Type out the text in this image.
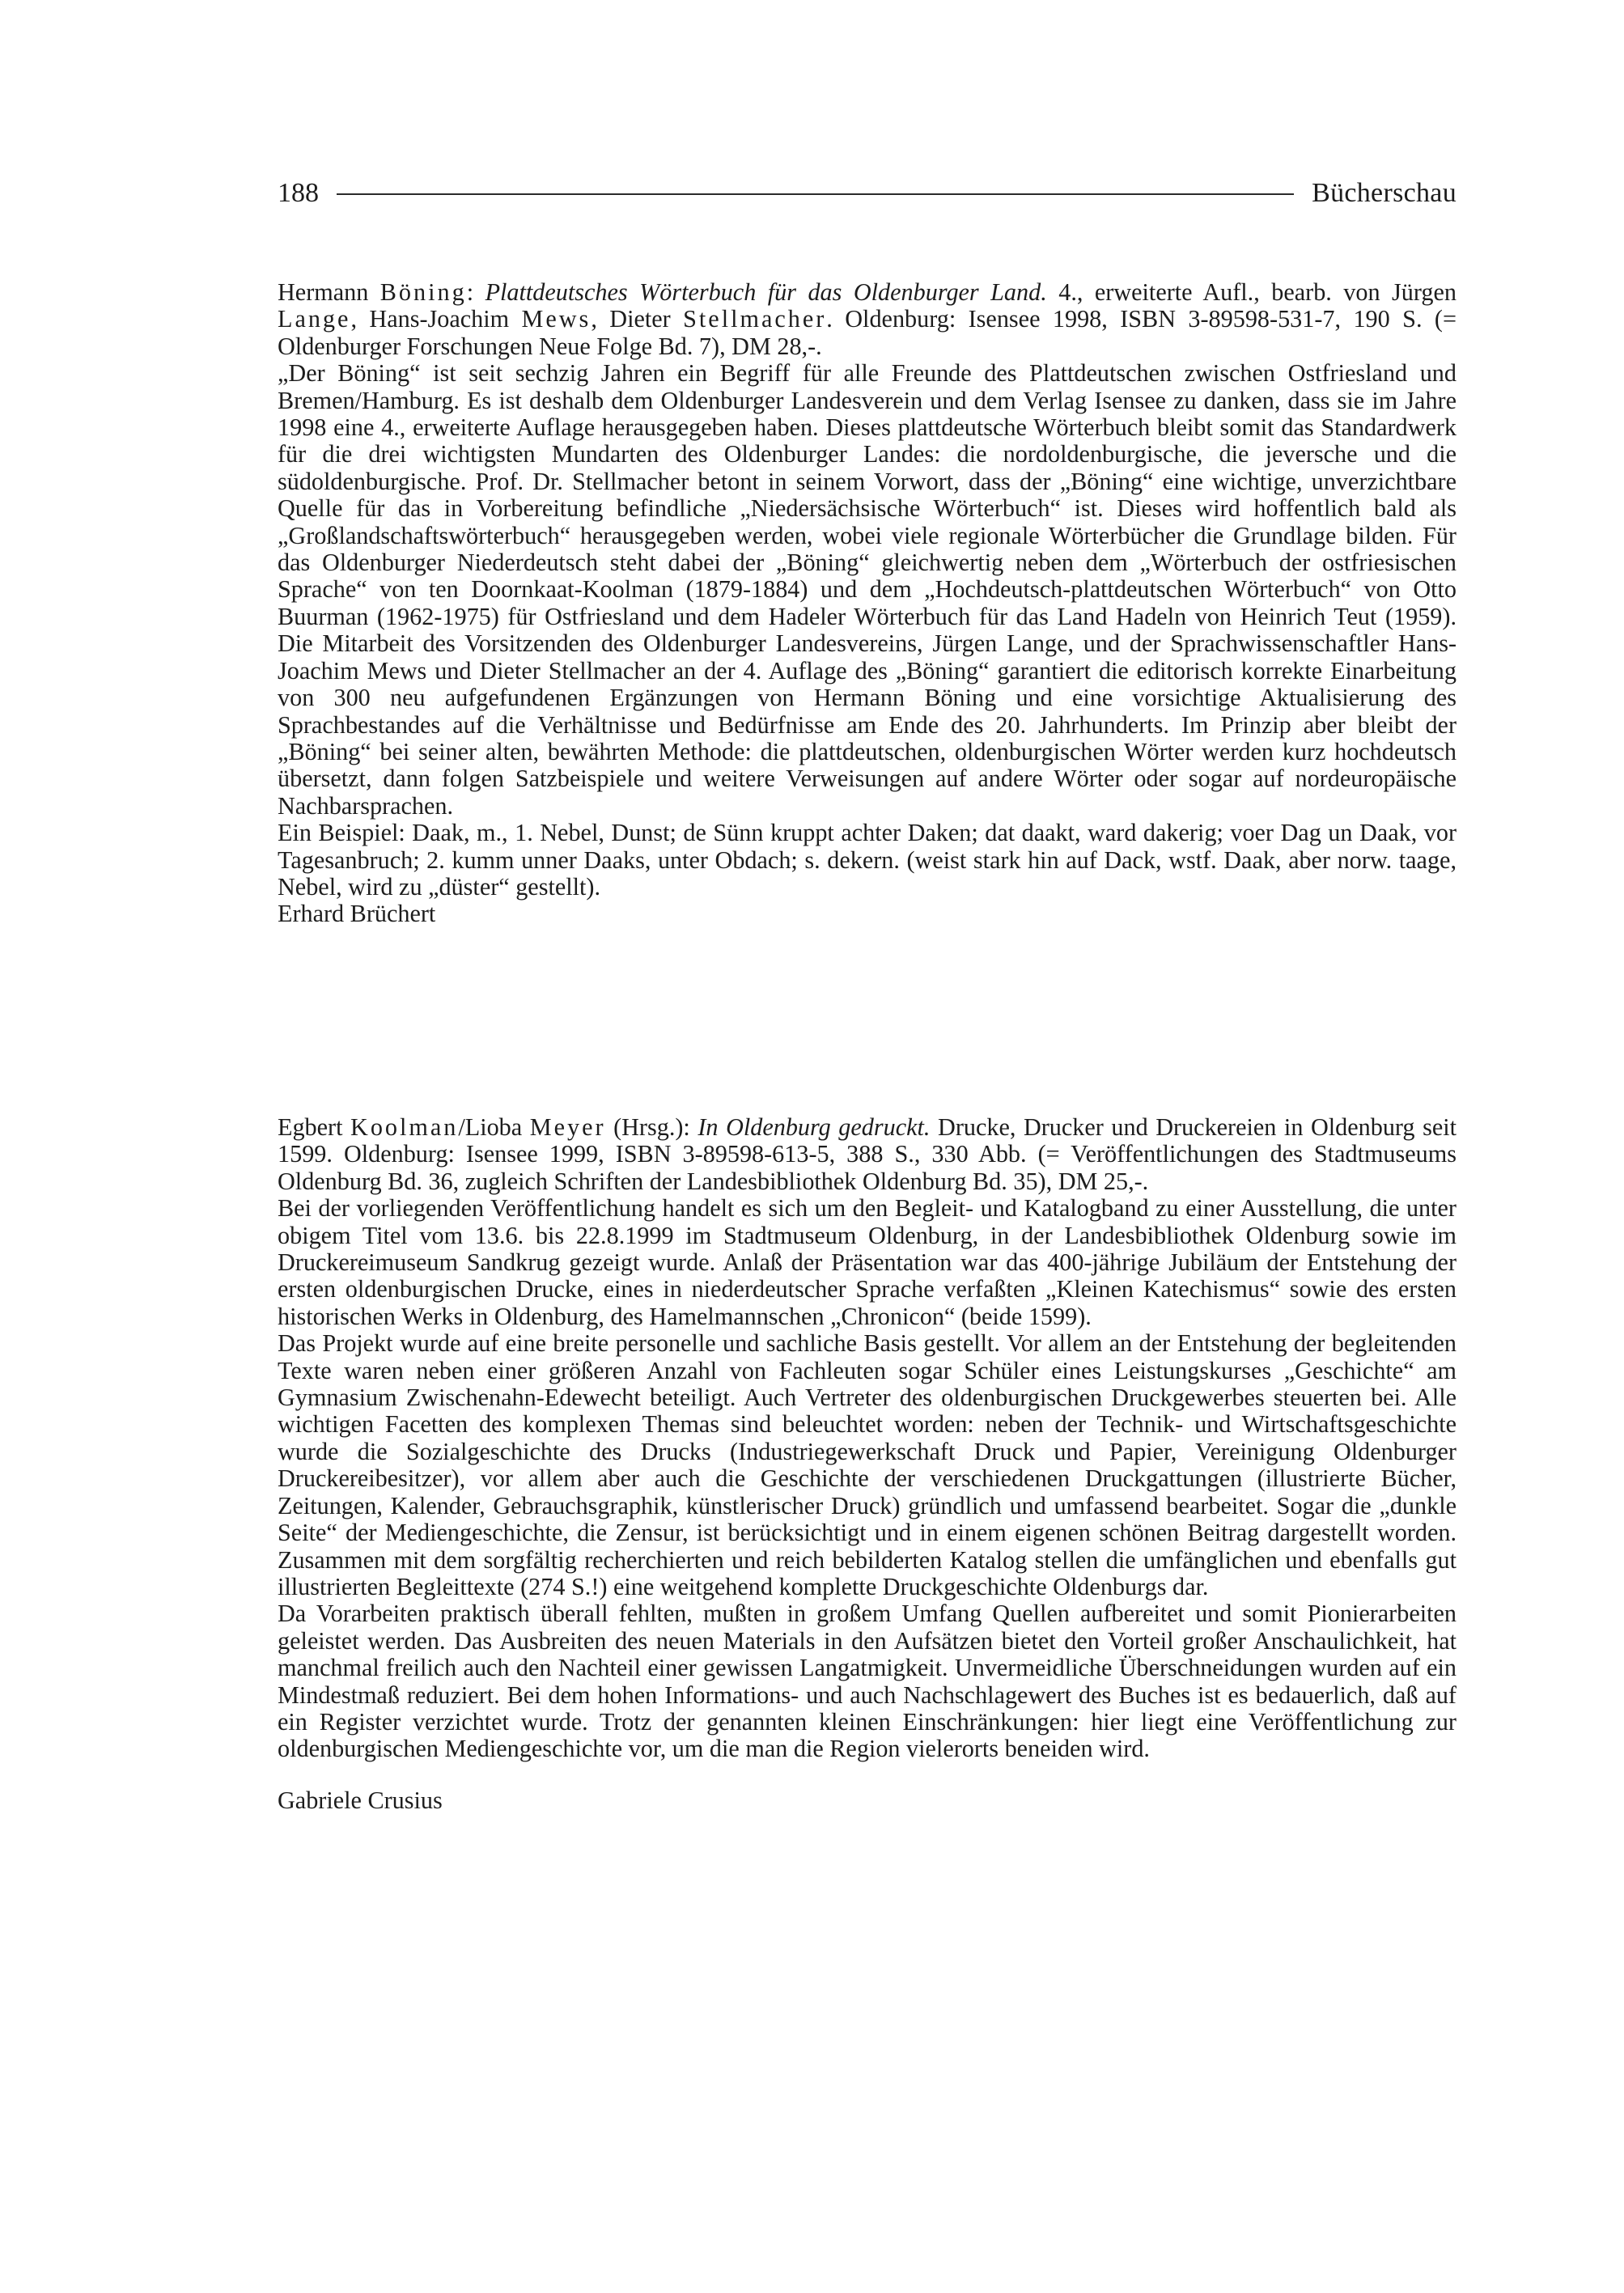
188	Bücherschau

Hermann Böning: Plattdeutsches Wörterbuch für das Oldenburger Land. 4., erweiterte Aufl., bearb. von Jürgen Lange, Hans-Joachim Mews, Dieter Stellmacher. Oldenburg: Isensee 1998, ISBN 3-89598-531-7, 190 S. (= Oldenburger Forschungen Neue Folge Bd. 7), DM 28,-.

„Der Böning“ ist seit sechzig Jahren ein Begriff für alle Freunde des Plattdeutschen zwischen Ostfriesland und Bremen/Hamburg. Es ist deshalb dem Oldenburger Landesverein und dem Verlag Isensee zu danken, dass sie im Jahre 1998 eine 4., erweiterte Auflage herausgegeben haben. Dieses plattdeutsche Wörterbuch bleibt somit das Standardwerk für die drei wichtigsten Mundarten des Oldenburger Landes: die nordoldenburgische, die jeversche und die südoldenburgische. Prof. Dr. Stellmacher betont in seinem Vorwort, dass der „Böning“ eine wichtige, unverzichtbare Quelle für das in Vorbereitung befindliche „Niedersächsische Wörterbuch“ ist. Dieses wird hoffentlich bald als „Großlandschaftswörterbuch“ herausgegeben werden, wobei viele regionale Wörterbücher die Grundlage bilden. Für das Oldenburger Niederdeutsch steht dabei der „Böning“ gleichwertig neben dem „Wörterbuch der ostfriesischen Sprache“ von ten Doornkaat-Koolman (1879-1884) und dem „Hochdeutsch-plattdeutschen Wörterbuch“ von Otto Buurman (1962-1975) für Ostfriesland und dem Hadeler Wörterbuch für das Land Hadeln von Heinrich Teut (1959). Die Mitarbeit des Vorsitzenden des Oldenburger Landesvereins, Jürgen Lange, und der Sprachwissenschaftler Hans-Joachim Mews und Dieter Stellmacher an der 4. Auflage des „Böning“ garantiert die editorisch korrekte Einarbeitung von 300 neu aufgefundenen Ergänzungen von Hermann Böning und eine vorsichtige Aktualisierung des Sprachbestandes auf die Verhältnisse und Bedürfnisse am Ende des 20. Jahrhunderts. Im Prinzip aber bleibt der „Böning“ bei seiner alten, bewährten Methode: die plattdeutschen, oldenburgischen Wörter werden kurz hochdeutsch übersetzt, dann folgen Satzbeispiele und weitere Verweisungen auf andere Wörter oder sogar auf nordeuropäische Nachbarsprachen.

Ein Beispiel: Daak, m., 1. Nebel, Dunst; de Sünn kruppt achter Daken; dat daakt, ward dakerig; voer Dag un Daak, vor Tagesanbruch; 2. kumm unner Daaks, unter Obdach; s. dekern. (weist stark hin auf Dack, wstf. Daak, aber norw. taage, Nebel, wird zu „düster“ gestellt).

Erhard Brüchert

Egbert Koolman/Lioba Meyer (Hrsg.): In Oldenburg gedruckt. Drucke, Drucker und Druckereien in Oldenburg seit 1599. Oldenburg: Isensee 1999, ISBN 3-89598-613-5, 388 S., 330 Abb. (= Veröffentlichungen des Stadtmuseums Oldenburg Bd. 36, zugleich Schriften der Landesbibliothek Oldenburg Bd. 35), DM 25,-.

Bei der vorliegenden Veröffentlichung handelt es sich um den Begleit- und Katalogband zu einer Ausstellung, die unter obigem Titel vom 13.6. bis 22.8.1999 im Stadtmuseum Oldenburg, in der Landesbibliothek Oldenburg sowie im Druckereimuseum Sandkrug gezeigt wurde. Anlaß der Präsentation war das 400-jährige Jubiläum der Entstehung der ersten oldenburgischen Drucke, eines in niederdeutscher Sprache verfaßten „Kleinen Katechismus“ sowie des ersten historischen Werks in Oldenburg, des Hamelmannschen „Chronicon“ (beide 1599).

Das Projekt wurde auf eine breite personelle und sachliche Basis gestellt. Vor allem an der Entstehung der begleitenden Texte waren neben einer größeren Anzahl von Fachleuten sogar Schüler eines Leistungskurses „Geschichte“ am Gymnasium Zwischenahn-Edewecht beteiligt. Auch Vertreter des oldenburgischen Druckgewerbes steuerten bei. Alle wichtigen Facetten des komplexen Themas sind beleuchtet worden: neben der Technik- und Wirtschaftsgeschichte wurde die Sozialgeschichte des Drucks (Industriegewerkschaft Druck und Papier, Vereinigung Oldenburger Druckereibesitzer), vor allem aber auch die Geschichte der verschiedenen Druckgattungen (illustrierte Bücher, Zeitungen, Kalender, Gebrauchsgraphik, künstlerischer Druck) gründlich und umfassend bearbeitet. Sogar die „dunkle Seite“ der Mediengeschichte, die Zensur, ist berücksichtigt und in einem eigenen schönen Beitrag dargestellt worden. Zusammen mit dem sorgfältig recherchierten und reich bebilderten Katalog stellen die umfänglichen und ebenfalls gut illustrierten Begleittexte (274 S.!) eine weitgehend komplette Druckgeschichte Oldenburgs dar.

Da Vorarbeiten praktisch überall fehlten, mußten in großem Umfang Quellen aufbereitet und somit Pionierarbeiten geleistet werden. Das Ausbreiten des neuen Materials in den Aufsätzen bietet den Vorteil großer Anschaulichkeit, hat manchmal freilich auch den Nachteil einer gewissen Langatmigkeit. Unvermeidliche Überschneidungen wurden auf ein Mindestmaß reduziert. Bei dem hohen Informations- und auch Nachschlagewert des Buches ist es bedauerlich, daß auf ein Register verzichtet wurde. Trotz der genannten kleinen Einschränkungen: hier liegt eine Veröffentlichung zur oldenburgischen Mediengeschichte vor, um die man die Region vielerorts beneiden wird.

Gabriele Crusius
